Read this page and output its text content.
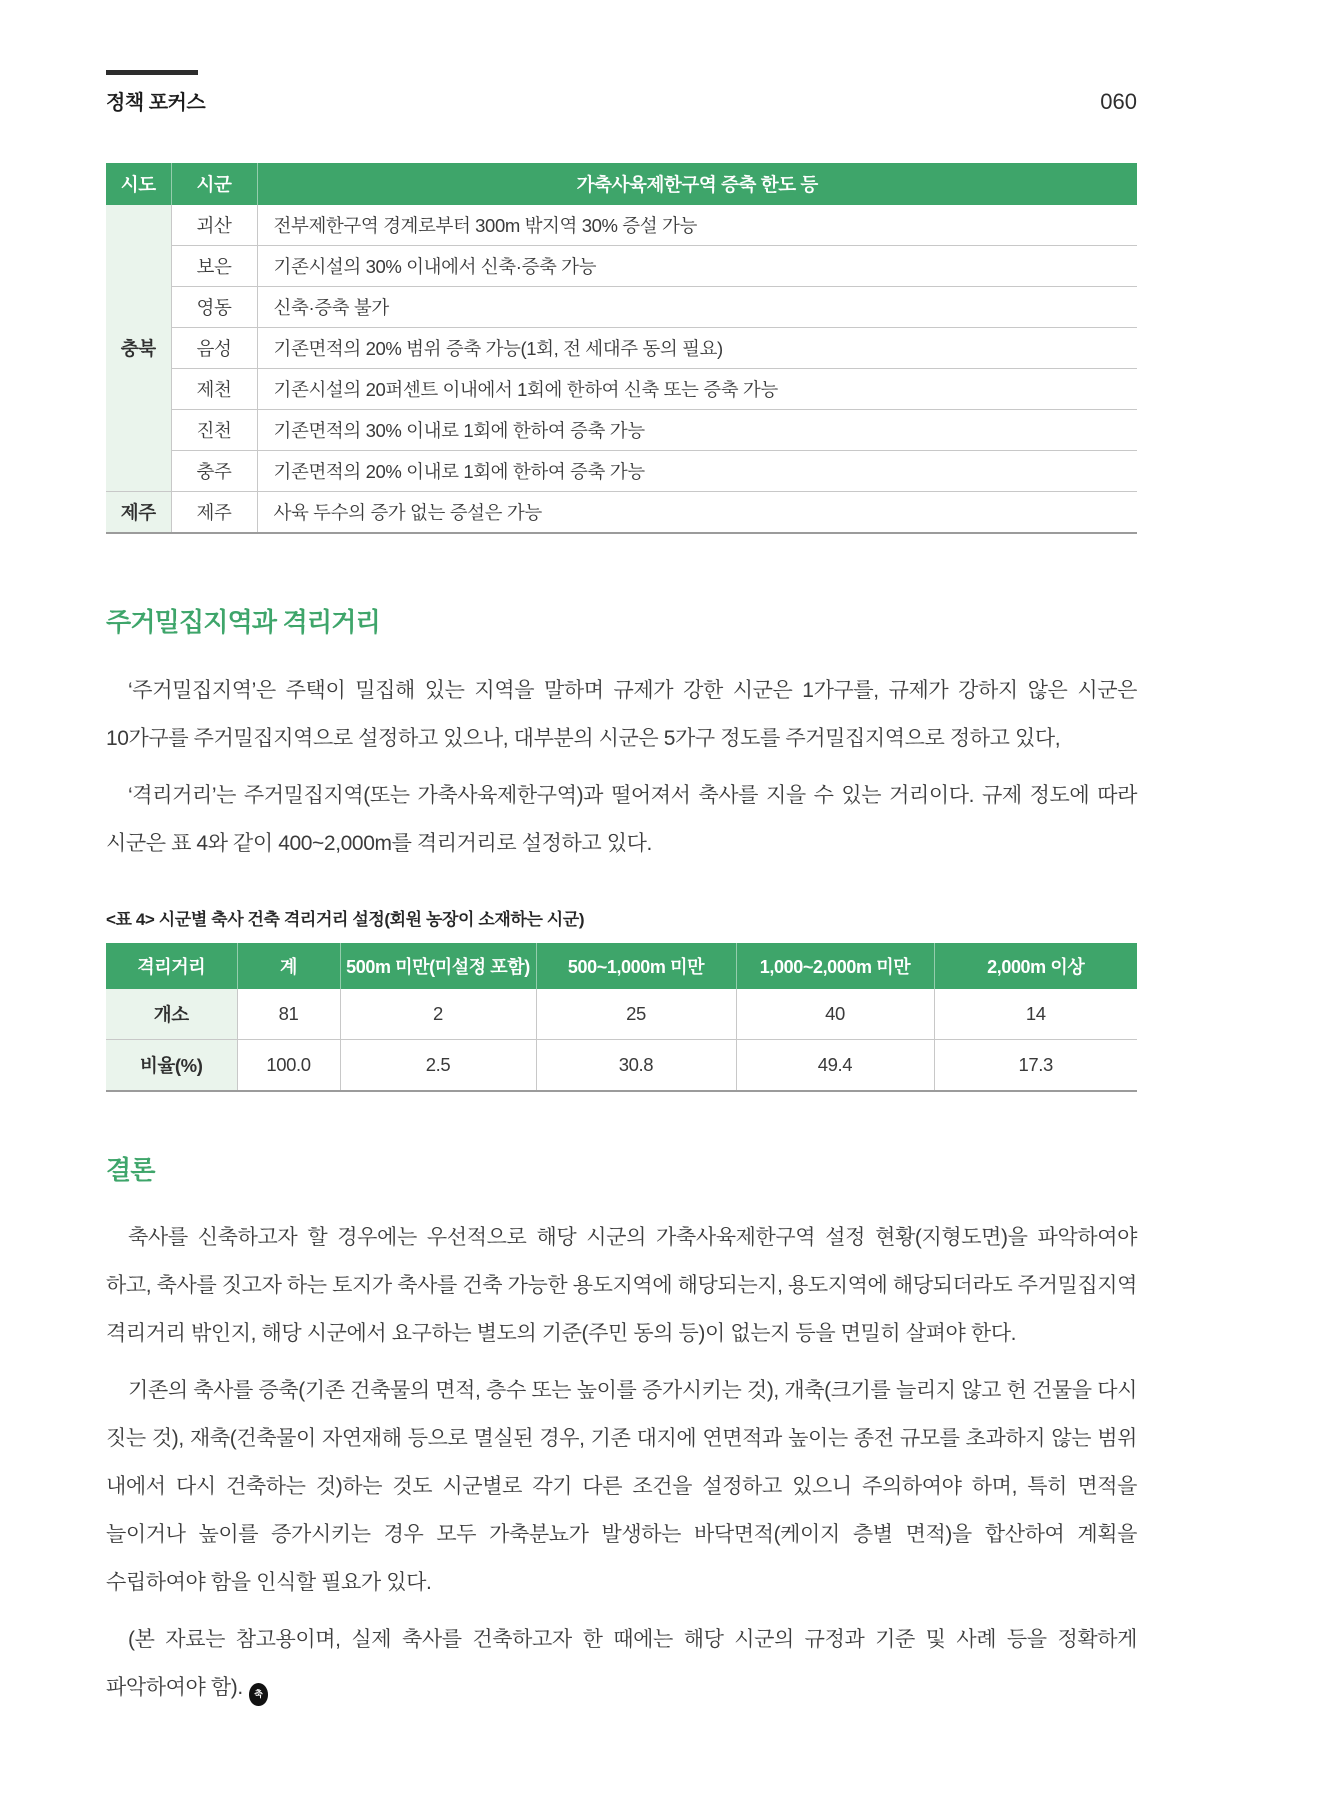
정책 포커스	060
시도	시군	가축사육제한구역 증축 한도 등
충북	괴산	전부제한구역 경계로부터 300m 밖지역 30% 증설 가능
	보은	기존시설의 30% 이내에서 신축·증축 가능
	영동	신축·증축 불가
	음성	기존면적의 20% 범위 증축 가능(1회, 전 세대주 동의 필요)
	제천	기존시설의 20퍼센트 이내에서 1회에 한하여 신축 또는 증축 가능
	진천	기존면적의 30% 이내로 1회에 한하여 증축 가능
	충주	기존면적의 20% 이내로 1회에 한하여 증축 가능
제주	제주	사육 두수의 증가 없는 증설은 가능
주거밀집지역과 격리거리

‘주거밀집지역’은 주택이 밀집해 있는 지역을 말하며 규제가 강한 시군은 1가구를, 규제가 강하지 않은 시군은 10가구를 주거밀집지역으로 설정하고 있으나, 대부분의 시군은 5가구 정도를 주거밀집지역으로 정하고 있다,

‘격리거리’는 주거밀집지역(또는 가축사육제한구역)과 떨어져서 축사를 지을 수 있는 거리이다. 규제 정도에 따라 시군은 표 4와 같이 400~2,000m를 격리거리로 설정하고 있다.

<표 4> 시군별 축사 건축 격리거리 설정(회원 농장이 소재하는 시군)
격리거리	계	500m 미만(미설정 포함)	500~1,000m 미만	1,000~2,000m 미만	2,000m 이상
개소	81	2	25	40	14
비율(%)	100.0	2.5	30.8	49.4	17.3
결론

축사를 신축하고자 할 경우에는 우선적으로 해당 시군의 가축사육제한구역 설정 현황(지형도면)을 파악하여야 하고, 축사를 짓고자 하는 토지가 축사를 건축 가능한 용도지역에 해당되는지, 용도지역에 해당되더라도 주거밀집지역 격리거리 밖인지, 해당 시군에서 요구하는 별도의 기준(주민 동의 등)이 없는지 등을 면밀히 살펴야 한다.

기존의 축사를 증축(기존 건축물의 면적, 층수 또는 높이를 증가시키는 것), 개축(크기를 늘리지 않고 헌 건물을 다시 짓는 것), 재축(건축물이 자연재해 등으로 멸실된 경우, 기존 대지에 연면적과 높이는 종전 규모를 초과하지 않는 범위 내에서 다시 건축하는 것)하는 것도 시군별로 각기 다른 조건을 설정하고 있으니 주의하여야 하며, 특히 면적을 늘이거나 높이를 증가시키는 경우 모두 가축분뇨가 발생하는 바닥면적(케이지 층별 면적)을 합산하여 계획을 수립하여야 함을 인식할 필요가 있다.

(본 자료는 참고용이며, 실제 축사를 건축하고자 한 때에는 해당 시군의 규정과 기준 및 사례 등을 정확하게 파악하여야 함). 축
